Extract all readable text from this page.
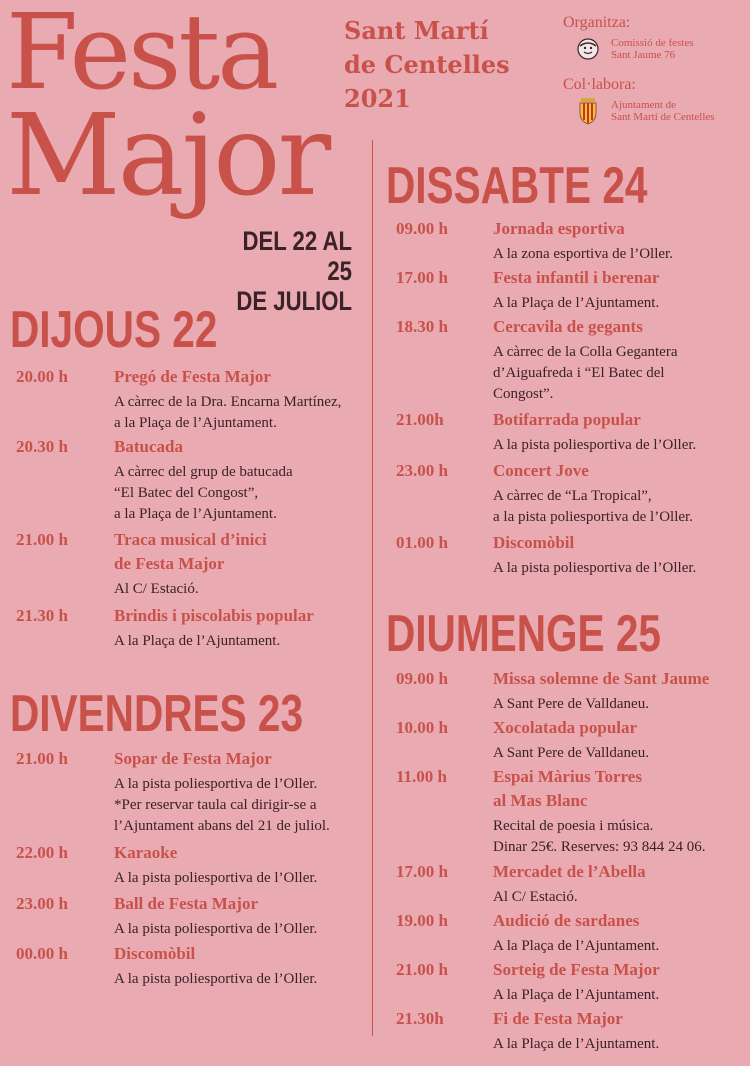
Festa
Major
Sant Martí
de Centelles
2021
DEL 22 AL 25
DE JULIOL
Organitza:
Comissió de festes
Sant Jaume 76
Col·labora:
Ajuntament de
Sant Martí de Centelles
DIJOUS 22
DIVENDRES 23
DISSABTE 24
DIUMENGE 25
20.00 h	Pregó de Festa Major
A càrrec de la Dra. Encarna Martínez,
a la Plaça de l’Ajuntament.
20.30 h	Batucada
A càrrec del grup de batucada
“El Batec del Congost”,
a la Plaça de l’Ajuntament.
21.00 h	Traca musical d’inici
de Festa Major
Al C/ Estació.
21.30 h	Brindis i piscolabis popular
A la Plaça de l’Ajuntament.
21.00 h	Sopar de Festa Major
A la pista poliesportiva de l’Oller.
*Per reservar taula cal dirigir-se a
l’Ajuntament abans del 21 de juliol.
22.00 h	Karaoke
A la pista poliesportiva de l’Oller.
23.00 h	Ball de Festa Major
A la pista poliesportiva de l’Oller.
00.00 h	Discomòbil
A la pista poliesportiva de l’Oller.
09.00 h	Jornada esportiva
A la zona esportiva de l’Oller.
17.00 h	Festa infantil i berenar
A la Plaça de l’Ajuntament.
18.30 h	Cercavila de gegants
A càrrec de la Colla Gegantera
d’Aiguafreda i “El Batec del
Congost”.
21.00h	Botifarrada popular
A la pista poliesportiva de l’Oller.
23.00 h	Concert Jove
A càrrec de “La Tropical”,
a la pista poliesportiva de l’Oller.
01.00 h	Discomòbil
A la pista poliesportiva de l’Oller.
09.00 h	Missa solemne de Sant Jaume
A Sant Pere de Valldaneu.
10.00 h	Xocolatada popular
A Sant Pere de Valldaneu.
11.00 h	Espai Màrius Torres
al Mas Blanc
Recital de poesia i música.
Dinar 25€. Reserves: 93 844 24 06.
17.00 h	Mercadet de l’Abella
Al C/ Estació.
19.00 h	Audició de sardanes
A la Plaça de l’Ajuntament.
21.00 h	Sorteig de Festa Major
A la Plaça de l’Ajuntament.
21.30h	Fi de Festa Major
A la Plaça de l’Ajuntament.
